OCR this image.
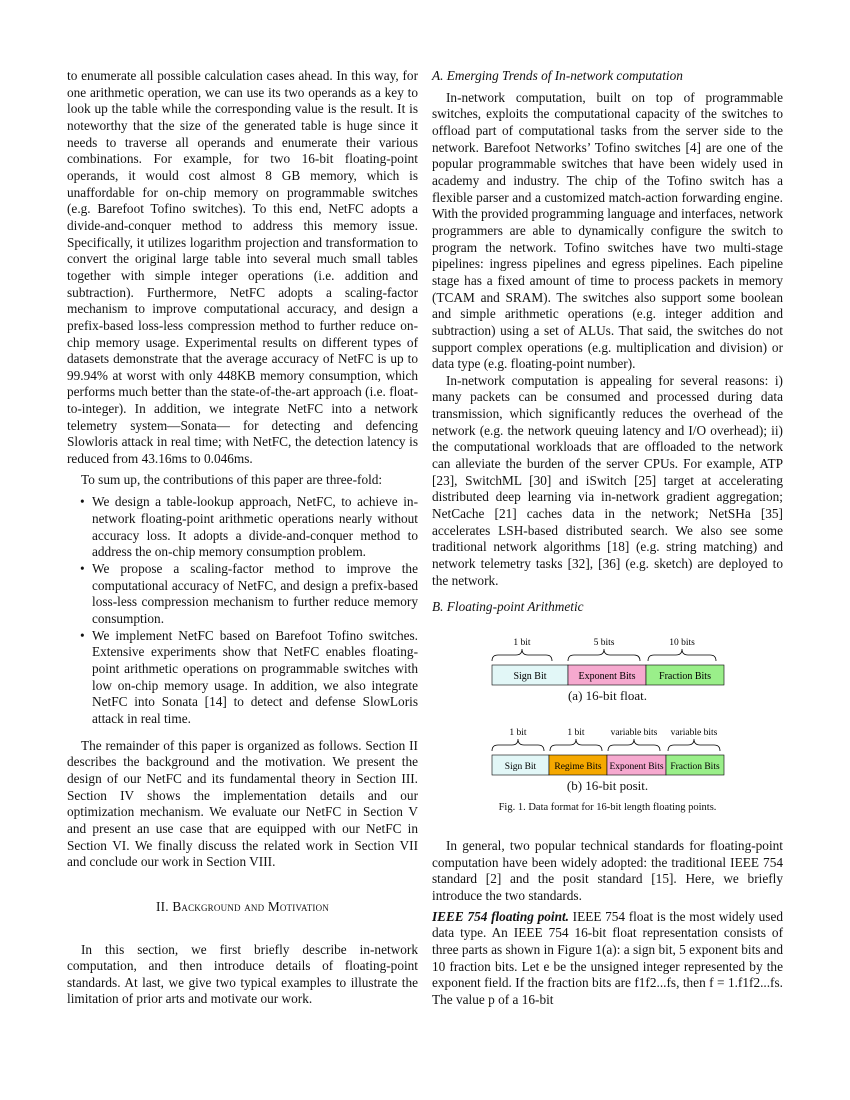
to enumerate all possible calculation cases ahead. In this way, for one arithmetic operation, we can use its two operands as a key to look up the table while the corresponding value is the result. It is noteworthy that the size of the generated table is huge since it needs to traverse all operands and enumerate their various combinations. For example, for two 16-bit floating-point operands, it would cost almost 8 GB memory, which is unaffordable for on-chip memory on programmable switches (e.g. Barefoot Tofino switches). To this end, NetFC adopts a divide-and-conquer method to address this memory issue. Specifically, it utilizes logarithm projection and transformation to convert the original large table into several much small tables together with simple integer operations (i.e. addition and subtraction). Furthermore, NetFC adopts a scaling-factor mechanism to improve computational accuracy, and design a prefix-based loss-less compression method to further reduce on-chip memory usage. Experimental results on different types of datasets demonstrate that the average accuracy of NetFC is up to 99.94% at worst with only 448KB memory consumption, which performs much better than the state-of-the-art approach (i.e. float-to-integer). In addition, we integrate NetFC into a network telemetry system—Sonata— for detecting and defencing Slowloris attack in real time; with NetFC, the detection latency is reduced from 43.16ms to 0.046ms.

To sum up, the contributions of this paper are three-fold:

• We design a table-lookup approach, NetFC, to achieve in-network floating-point arithmetic operations nearly without accuracy loss. It adopts a divide-and-conquer method to address the on-chip memory consumption problem.
• We propose a scaling-factor method to improve the computational accuracy of NetFC, and design a prefix-based loss-less compression mechanism to further reduce memory consumption.
• We implement NetFC based on Barefoot Tofino switches. Extensive experiments show that NetFC enables floating-point arithmetic operations on programmable switches with low on-chip memory usage. In addition, we also integrate NetFC into Sonata [14] to detect and defense SlowLoris attack in real time.

The remainder of this paper is organized as follows. Section II describes the background and the motivation. We present the design of our NetFC and its fundamental theory in Section III. Section IV shows the implementation details and our optimization mechanism. We evaluate our NetFC in Section V and present an use case that are equipped with our NetFC in Section VI. We finally discuss the related work in Section VII and conclude our work in Section VIII.

II. Background and Motivation

In this section, we first briefly describe in-network computation, and then introduce details of floating-point standards. At last, we give two typical examples to illustrate the limitation of prior arts and motivate our work.

A. Emerging Trends of In-network computation

In-network computation, built on top of programmable switches, exploits the computational capacity of the switches to offload part of computational tasks from the server side to the network. Barefoot Networks’ Tofino switches [4] are one of the popular programmable switches that have been widely used in academy and industry. The chip of the Tofino switch has a flexible parser and a customized match-action forwarding engine. With the provided programming language and interfaces, network programmers are able to dynamically configure the switch to program the network. Tofino switches have two multi-stage pipelines: ingress pipelines and egress pipelines. Each pipeline stage has a fixed amount of time to process packets in memory (TCAM and SRAM). The switches also support some boolean and simple arithmetic operations (e.g. integer addition and subtraction) using a set of ALUs. That said, the switches do not support complex operations (e.g. multiplication and division) or data type (e.g. floating-point number).

In-network computation is appealing for several reasons: i) many packets can be consumed and processed during data transmission, which significantly reduces the overhead of the network (e.g. the network queuing latency and I/O overhead); ii) the computational workloads that are offloaded to the network can alleviate the burden of the server CPUs. For example, ATP [23], SwitchML [30] and iSwitch [25] target at accelerating distributed deep learning via in-network gradient aggregation; NetCache [21] caches data in the network; NetSHa [35] accelerates LSH-based distributed search. We also see some traditional network algorithms [18] (e.g. string matching) and network telemetry tasks [32], [36] (e.g. sketch) are deployed to the network.

B. Floating-point Arithmetic

1 bit	5 bits	10 bits
Sign Bit	Exponent Bits Fraction Bits
1 bit	1 bit	variable bits variable bits
Sign Bit Regime Bits Exponent Bits Fraction Bits
(a) 16-bit float.
(b) 16-bit posit.
Fig. 1. Data format for 16-bit length floating points.

In general, two popular technical standards for floating-point computation have been widely adopted: the traditional IEEE 754 standard [2] and the posit standard [15]. Here, we briefly introduce the two standards.

IEEE 754 floating point. IEEE 754 float is the most widely used data type. An IEEE 754 16-bit float representation consists of three parts as shown in Figure 1(a): a sign bit, 5 exponent bits and 10 fraction bits. Let e be the unsigned integer represented by the exponent field. If the fraction bits are f1f2...fs, then f = 1.f1f2...fs. The value p of a 16-bit
